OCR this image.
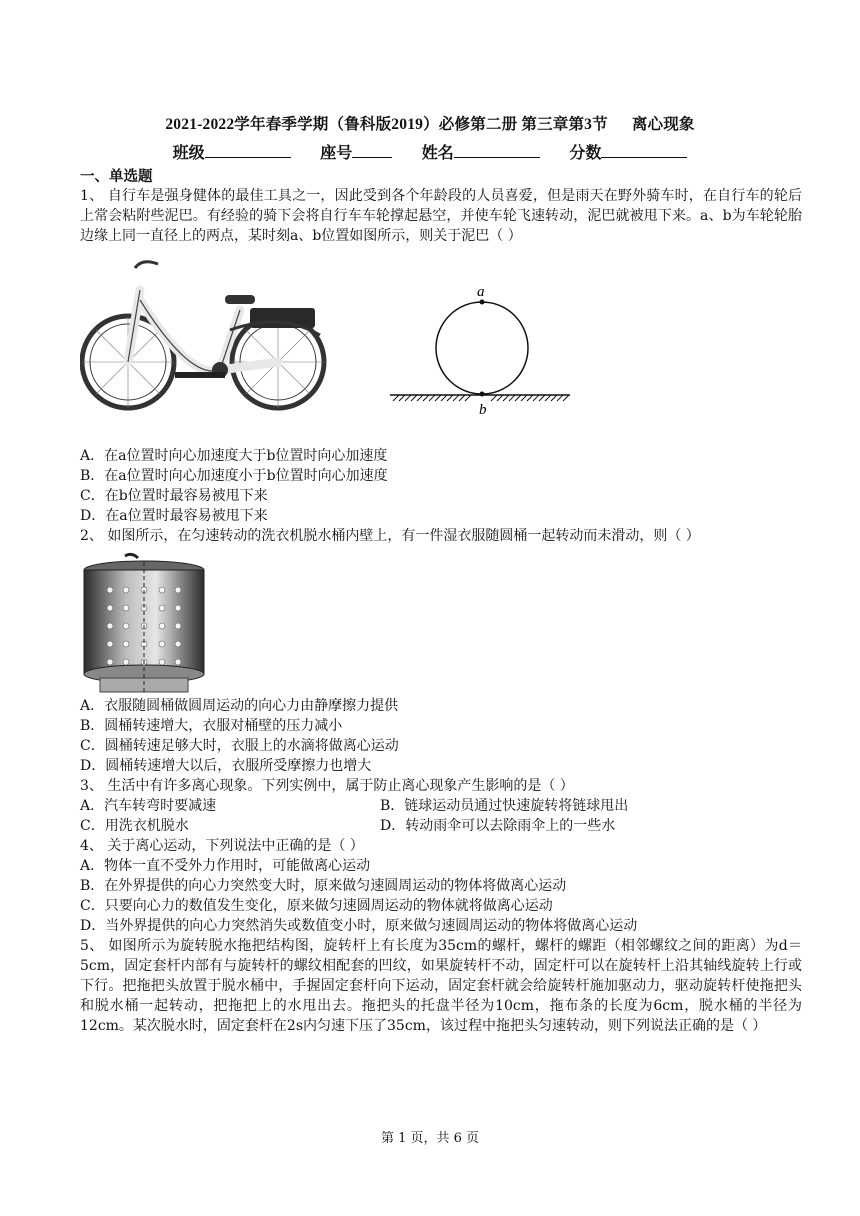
2021-2022学年春季学期（鲁科版2019）必修第二册 第三章第3节 离心现象
班级	座号	姓名	分数
一、单选题
1、 自行车是强身健体的最佳工具之一，因此受到各个年龄段的人员喜爱，但是雨天在野外骑车时，在自行车的轮后上常会粘附些泥巴。有经验的骑下会将自行车车轮撑起悬空，并使车轮飞速转动，泥巴就被甩下来。a、b为车轮轮胎边缘上同一直径上的两点，某时刻a、b位置如图所示，则关于泥巴（ ）
a
b
A．在a位置时向心加速度大于b位置时向心加速度
B．在a位置时向心加速度小于b位置时向心加速度
C．在b位置时最容易被甩下来
D．在a位置时最容易被甩下来
2、 如图所示，在匀速转动的洗衣机脱水桶内壁上，有一件湿衣服随圆桶一起转动而未滑动，则（ ）
A．衣服随圆桶做圆周运动的向心力由静摩擦力提供
B．圆桶转速增大，衣服对桶壁的压力减小
C．圆桶转速足够大时，衣服上的水滴将做离心运动
D．圆桶转速增大以后，衣服所受摩擦力也增大
3、 生活中有许多离心现象。下列实例中，属于防止离心现象产生影响的是（ ）
A．汽车转弯时要减速	B．链球运动员通过快速旋转将链球甩出
C．用洗衣机脱水	D．转动雨伞可以去除雨伞上的一些水
4、 关于离心运动，下列说法中正确的是（ ）
A．物体一直不受外力作用时，可能做离心运动
B．在外界提供的向心力突然变大时，原来做匀速圆周运动的物体将做离心运动
C．只要向心力的数值发生变化，原来做匀速圆周运动的物体就将做离心运动
D．当外界提供的向心力突然消失或数值变小时，原来做匀速圆周运动的物体将做离心运动
5、 如图所示为旋转脱水拖把结构图，旋转杆上有长度为35cm的螺杆，螺杆的螺距（相邻螺纹之间的距离）为d＝5cm，固定套杆内部有与旋转杆的螺纹相配套的凹纹，如果旋转杆不动，固定杆可以在旋转杆上沿其轴线旋转上行或下行。把拖把头放置于脱水桶中，手握固定套杆向下运动，固定套杆就会给旋转杆施加驱动力，驱动旋转杆使拖把头和脱水桶一起转动，把拖把上的水甩出去。拖把头的托盘半径为10cm，拖布条的长度为6cm，脱水桶的半径为12cm。某次脱水时，固定套杆在2s内匀速下压了35cm，该过程中拖把头匀速转动，则下列说法正确的是（ ）
第 1 页，共 6 页
